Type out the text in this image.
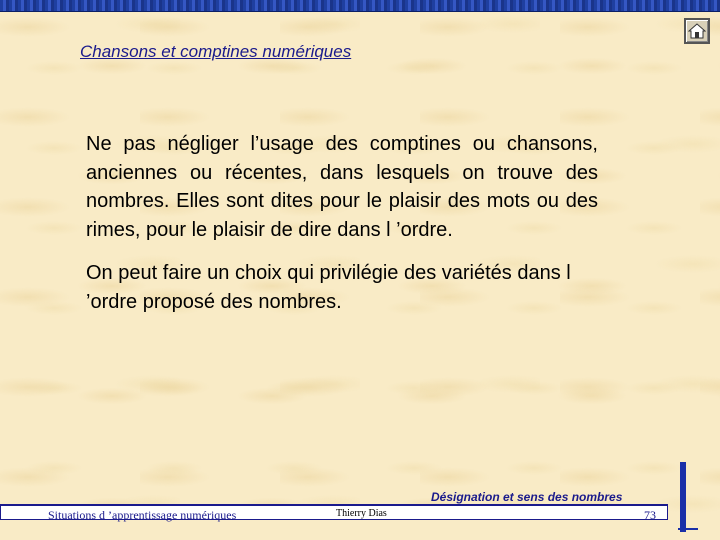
Chansons et comptines numériques

Ne pas négliger l’usage des comptines ou chansons, anciennes ou récentes, dans lesquels on trouve des nombres. Elles sont dites pour le plaisir des mots ou des rimes, pour le plaisir de dire dans l ’ordre.

On peut faire un choix qui privilégie des variétés dans l ’ordre proposé des nombres.

Désignation et sens des nombres
Situations d ’apprentissage numériques	Thierry Dias	73
